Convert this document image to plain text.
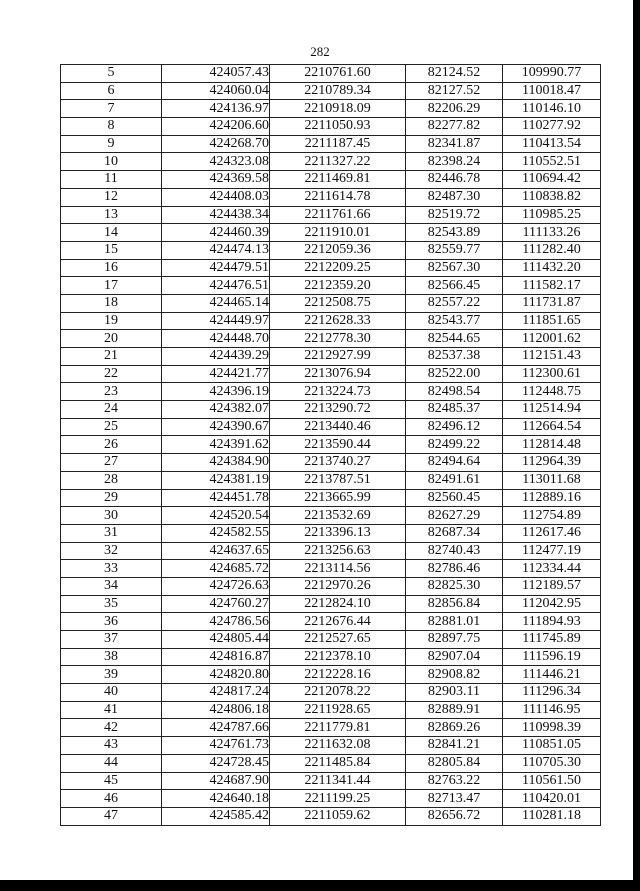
282
5	424057.43	2210761.60	82124.52	109990.77
6	424060.04	2210789.34	82127.52	110018.47
7	424136.97	2210918.09	82206.29	110146.10
8	424206.60	2211050.93	82277.82	110277.92
9	424268.70	2211187.45	82341.87	110413.54
10	424323.08	2211327.22	82398.24	110552.51
11	424369.58	2211469.81	82446.78	110694.42
12	424408.03	2211614.78	82487.30	110838.82
13	424438.34	2211761.66	82519.72	110985.25
14	424460.39	2211910.01	82543.89	111133.26
15	424474.13	2212059.36	82559.77	111282.40
16	424479.51	2212209.25	82567.30	111432.20
17	424476.51	2212359.20	82566.45	111582.17
18	424465.14	2212508.75	82557.22	111731.87
19	424449.97	2212628.33	82543.77	111851.65
20	424448.70	2212778.30	82544.65	112001.62
21	424439.29	2212927.99	82537.38	112151.43
22	424421.77	2213076.94	82522.00	112300.61
23	424396.19	2213224.73	82498.54	112448.75
24	424382.07	2213290.72	82485.37	112514.94
25	424390.67	2213440.46	82496.12	112664.54
26	424391.62	2213590.44	82499.22	112814.48
27	424384.90	2213740.27	82494.64	112964.39
28	424381.19	2213787.51	82491.61	113011.68
29	424451.78	2213665.99	82560.45	112889.16
30	424520.54	2213532.69	82627.29	112754.89
31	424582.55	2213396.13	82687.34	112617.46
32	424637.65	2213256.63	82740.43	112477.19
33	424685.72	2213114.56	82786.46	112334.44
34	424726.63	2212970.26	82825.30	112189.57
35	424760.27	2212824.10	82856.84	112042.95
36	424786.56	2212676.44	82881.01	111894.93
37	424805.44	2212527.65	82897.75	111745.89
38	424816.87	2212378.10	82907.04	111596.19
39	424820.80	2212228.16	82908.82	111446.21
40	424817.24	2212078.22	82903.11	111296.34
41	424806.18	2211928.65	82889.91	111146.95
42	424787.66	2211779.81	82869.26	110998.39
43	424761.73	2211632.08	82841.21	110851.05
44	424728.45	2211485.84	82805.84	110705.30
45	424687.90	2211341.44	82763.22	110561.50
46	424640.18	2211199.25	82713.47	110420.01
47	424585.42	2211059.62	82656.72	110281.18
